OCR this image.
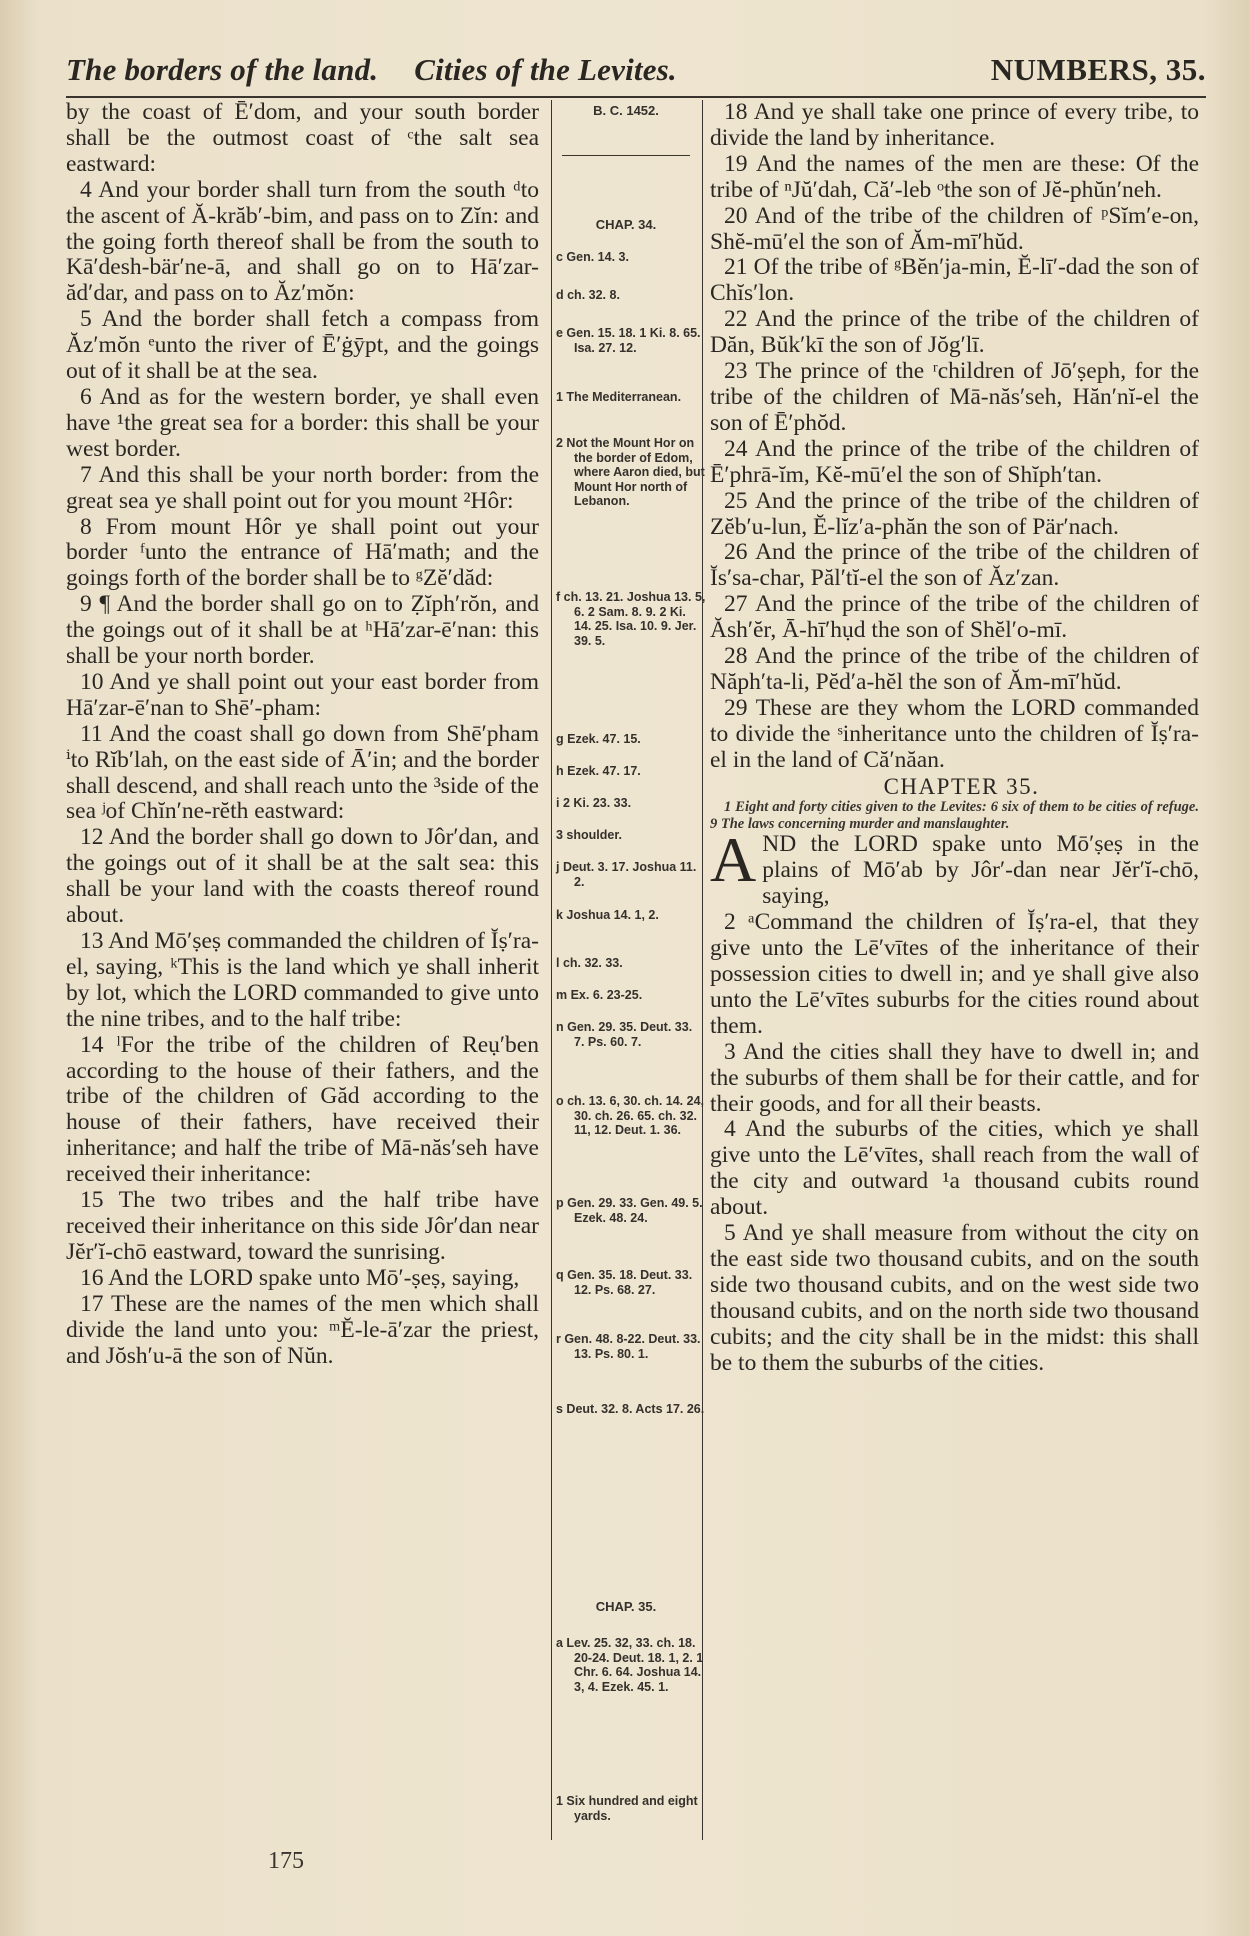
The borders of the land. Cities of the Levites.	NUMBERS, 35.

by the coast of Ē′dom, and your south border shall be the outmost coast of ᶜthe salt sea eastward:

4 And your border shall turn from the south ᵈto the ascent of Ă-krăb′-bim, and pass on to Zĭn: and the going forth thereof shall be from the south to Kā′desh-bär′ne-ā, and shall go on to Hā′zar-ăd′dar, and pass on to Ăz′mŏn:

5 And the border shall fetch a compass from Ăz′mŏn ᵉunto the river of Ē′ġȳpt, and the goings out of it shall be at the sea.

6 And as for the western border, ye shall even have ¹the great sea for a border: this shall be your west border.

7 And this shall be your north border: from the great sea ye shall point out for you mount ²Hôr:

8 From mount Hôr ye shall point out your border ᶠunto the entrance of Hā′math; and the goings forth of the border shall be to ᵍZĕ′dăd:

9 ¶ And the border shall go on to Ẓĭph′rŏn, and the goings out of it shall be at ʰHā′zar-ē′nan: this shall be your north border.

10 And ye shall point out your east border from Hā′zar-ē′nan to Shē′-pham:

11 And the coast shall go down from Shē′pham ⁱto Rĭb′lah, on the east side of Ā′in; and the border shall descend, and shall reach unto the ³side of the sea ʲof Chĭn′ne-rĕth eastward:

12 And the border shall go down to Jôr′dan, and the goings out of it shall be at the salt sea: this shall be your land with the coasts thereof round about.

13 And Mō′ṣeṣ commanded the children of Ĭṣ′ra-el, saying, ᵏThis is the land which ye shall inherit by lot, which the LORD commanded to give unto the nine tribes, and to the half tribe:

14 ˡFor the tribe of the children of Reụ′ben according to the house of their fathers, and the tribe of the children of Găd according to the house of their fathers, have received their inheritance; and half the tribe of Mā-năs′seh have received their inheritance:

15 The two tribes and the half tribe have received their inheritance on this side Jôr′dan near Jĕr′ĭ-chō eastward, toward the sunrising.

16 And the LORD spake unto Mō′-ṣeṣ, saying,

17 These are the names of the men which shall divide the land unto you: ᵐĔ-le-ā′zar the priest, and Jŏsh′u-ā the son of Nŭn.

B. C. 1452.
CHAP. 34.
c Gen. 14. 3.
d ch. 32. 8.
e Gen. 15. 18. 1 Ki. 8. 65. Isa. 27. 12.
1 The Mediterranean.
2 Not the Mount Hor on the border of Edom, where Aaron died, but Mount Hor north of Lebanon.
f ch. 13. 21. Joshua 13. 5, 6. 2 Sam. 8. 9. 2 Ki. 14. 25. Isa. 10. 9. Jer. 39. 5.
g Ezek. 47. 15.
h Ezek. 47. 17.
i 2 Ki. 23. 33.
3 shoulder.
j Deut. 3. 17. Joshua 11. 2.
k Joshua 14. 1, 2.
l ch. 32. 33.
m Ex. 6. 23-25.
n Gen. 29. 35. Deut. 33. 7. Ps. 60. 7.
o ch. 13. 6, 30. ch. 14. 24, 30. ch. 26. 65. ch. 32. 11, 12. Deut. 1. 36.
p Gen. 29. 33. Gen. 49. 5. Ezek. 48. 24.
q Gen. 35. 18. Deut. 33. 12. Ps. 68. 27.
r Gen. 48. 8-22. Deut. 33. 13. Ps. 80. 1.
s Deut. 32. 8. Acts 17. 26.
CHAP. 35.
a Lev. 25. 32, 33. ch. 18. 20-24. Deut. 18. 1, 2. 1 Chr. 6. 64. Joshua 14. 3, 4. Ezek. 45. 1.
1 Six hundred and eight yards.

18 And ye shall take one prince of every tribe, to divide the land by inheritance.

19 And the names of the men are these: Of the tribe of ⁿJŭ′dah, Că′-leb ᵒthe son of Jĕ-phŭn′neh.

20 And of the tribe of the children of ᵖSĭm′e-on, Shĕ-mū′el the son of Ăm-mī′hŭd.

21 Of the tribe of ᵍBĕn′ja-min, Ĕ-lī′-dad the son of Chĭs′lon.

22 And the prince of the tribe of the children of Dăn, Bŭk′kī the son of Jŏg′lī.

23 The prince of the ʳchildren of Jō′ṣeph, for the tribe of the children of Mā-năs′seh, Hăn′nĭ-el the son of Ē′phŏd.

24 And the prince of the tribe of the children of Ē′phrā-ĭm, Kĕ-mū′el the son of Shĭph′tan.

25 And the prince of the tribe of the children of Zĕb′u-lun, Ĕ-lĭz′a-phăn the son of Pär′nach.

26 And the prince of the tribe of the children of Ĭs′sa-char, Păl′tĭ-el the son of Ăz′zan.

27 And the prince of the tribe of the children of Ăsh′ĕr, Ā-hī′hụd the son of Shĕl′o-mī.

28 And the prince of the tribe of the children of Năph′ta-li, Pĕd′a-hĕl the son of Ăm-mī′hŭd.

29 These are they whom the LORD commanded to divide the ˢinheritance unto the children of Ĭṣ′ra-el in the land of Că′năan.

CHAPTER 35.

1 Eight and forty cities given to the Levites: 6 six of them to be cities of refuge. 9 The laws concerning murder and manslaughter.

AND the LORD spake unto Mō′ṣeṣ in the plains of Mō′ab by Jôr′-dan near Jĕr′ĭ-chō, saying,

2 ᵃCommand the children of Ĭṣ′ra-el, that they give unto the Lē′vītes of the inheritance of their possession cities to dwell in; and ye shall give also unto the Lē′vītes suburbs for the cities round about them.

3 And the cities shall they have to dwell in; and the suburbs of them shall be for their cattle, and for their goods, and for all their beasts.

4 And the suburbs of the cities, which ye shall give unto the Lē′vītes, shall reach from the wall of the city and outward ¹a thousand cubits round about.

5 And ye shall measure from without the city on the east side two thousand cubits, and on the south side two thousand cubits, and on the west side two thousand cubits, and on the north side two thousand cubits; and the city shall be in the midst: this shall be to them the suburbs of the cities.

175
